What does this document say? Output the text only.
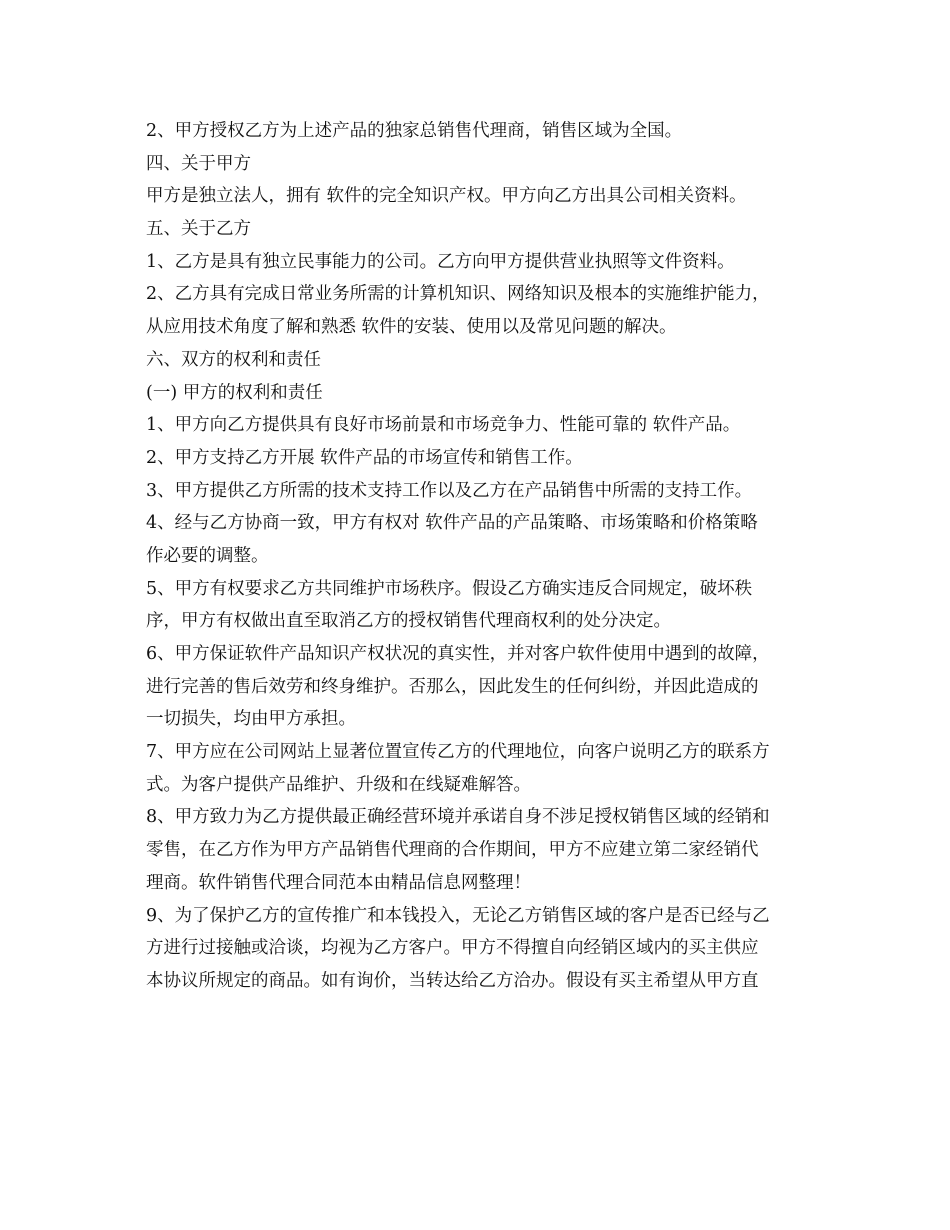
2、甲方授权乙方为上述产品的独家总销售代理商，销售区域为全国。

四、关于甲方

甲方是独立法人，拥有 软件的完全知识产权。甲方向乙方出具公司相关资料。

五、关于乙方

1、乙方是具有独立民事能力的公司。乙方向甲方提供营业执照等文件资料。

2、乙方具有完成日常业务所需的计算机知识、网络知识及根本的实施维护能力，

从应用技术角度了解和熟悉 软件的安装、使用以及常见问题的解决。

六、双方的权利和责任

(一) 甲方的权利和责任

1、甲方向乙方提供具有良好市场前景和市场竞争力、性能可靠的 软件产品。

2、甲方支持乙方开展 软件产品的市场宣传和销售工作。

3、甲方提供乙方所需的技术支持工作以及乙方在产品销售中所需的支持工作。

4、经与乙方协商一致，甲方有权对 软件产品的产品策略、市场策略和价格策略

作必要的调整。

5、甲方有权要求乙方共同维护市场秩序。假设乙方确实违反合同规定，破坏秩

序，甲方有权做出直至取消乙方的授权销售代理商权利的处分决定。

6、甲方保证软件产品知识产权状况的真实性，并对客户软件使用中遇到的故障，

进行完善的售后效劳和终身维护。否那么，因此发生的任何纠纷，并因此造成的

一切损失，均由甲方承担。

7、甲方应在公司网站上显著位置宣传乙方的代理地位，向客户说明乙方的联系方

式。为客户提供产品维护、升级和在线疑难解答。

8、甲方致力为乙方提供最正确经营环境并承诺自身不涉足授权销售区域的经销和

零售，在乙方作为甲方产品销售代理商的合作期间，甲方不应建立第二家经销代

理商。软件销售代理合同范本由精品信息网整理！

9、为了保护乙方的宣传推广和本钱投入，无论乙方销售区域的客户是否已经与乙

方进行过接触或洽谈，均视为乙方客户。甲方不得擅自向经销区域内的买主供应

本协议所规定的商品。如有询价，当转达给乙方洽办。假设有买主希望从甲方直
